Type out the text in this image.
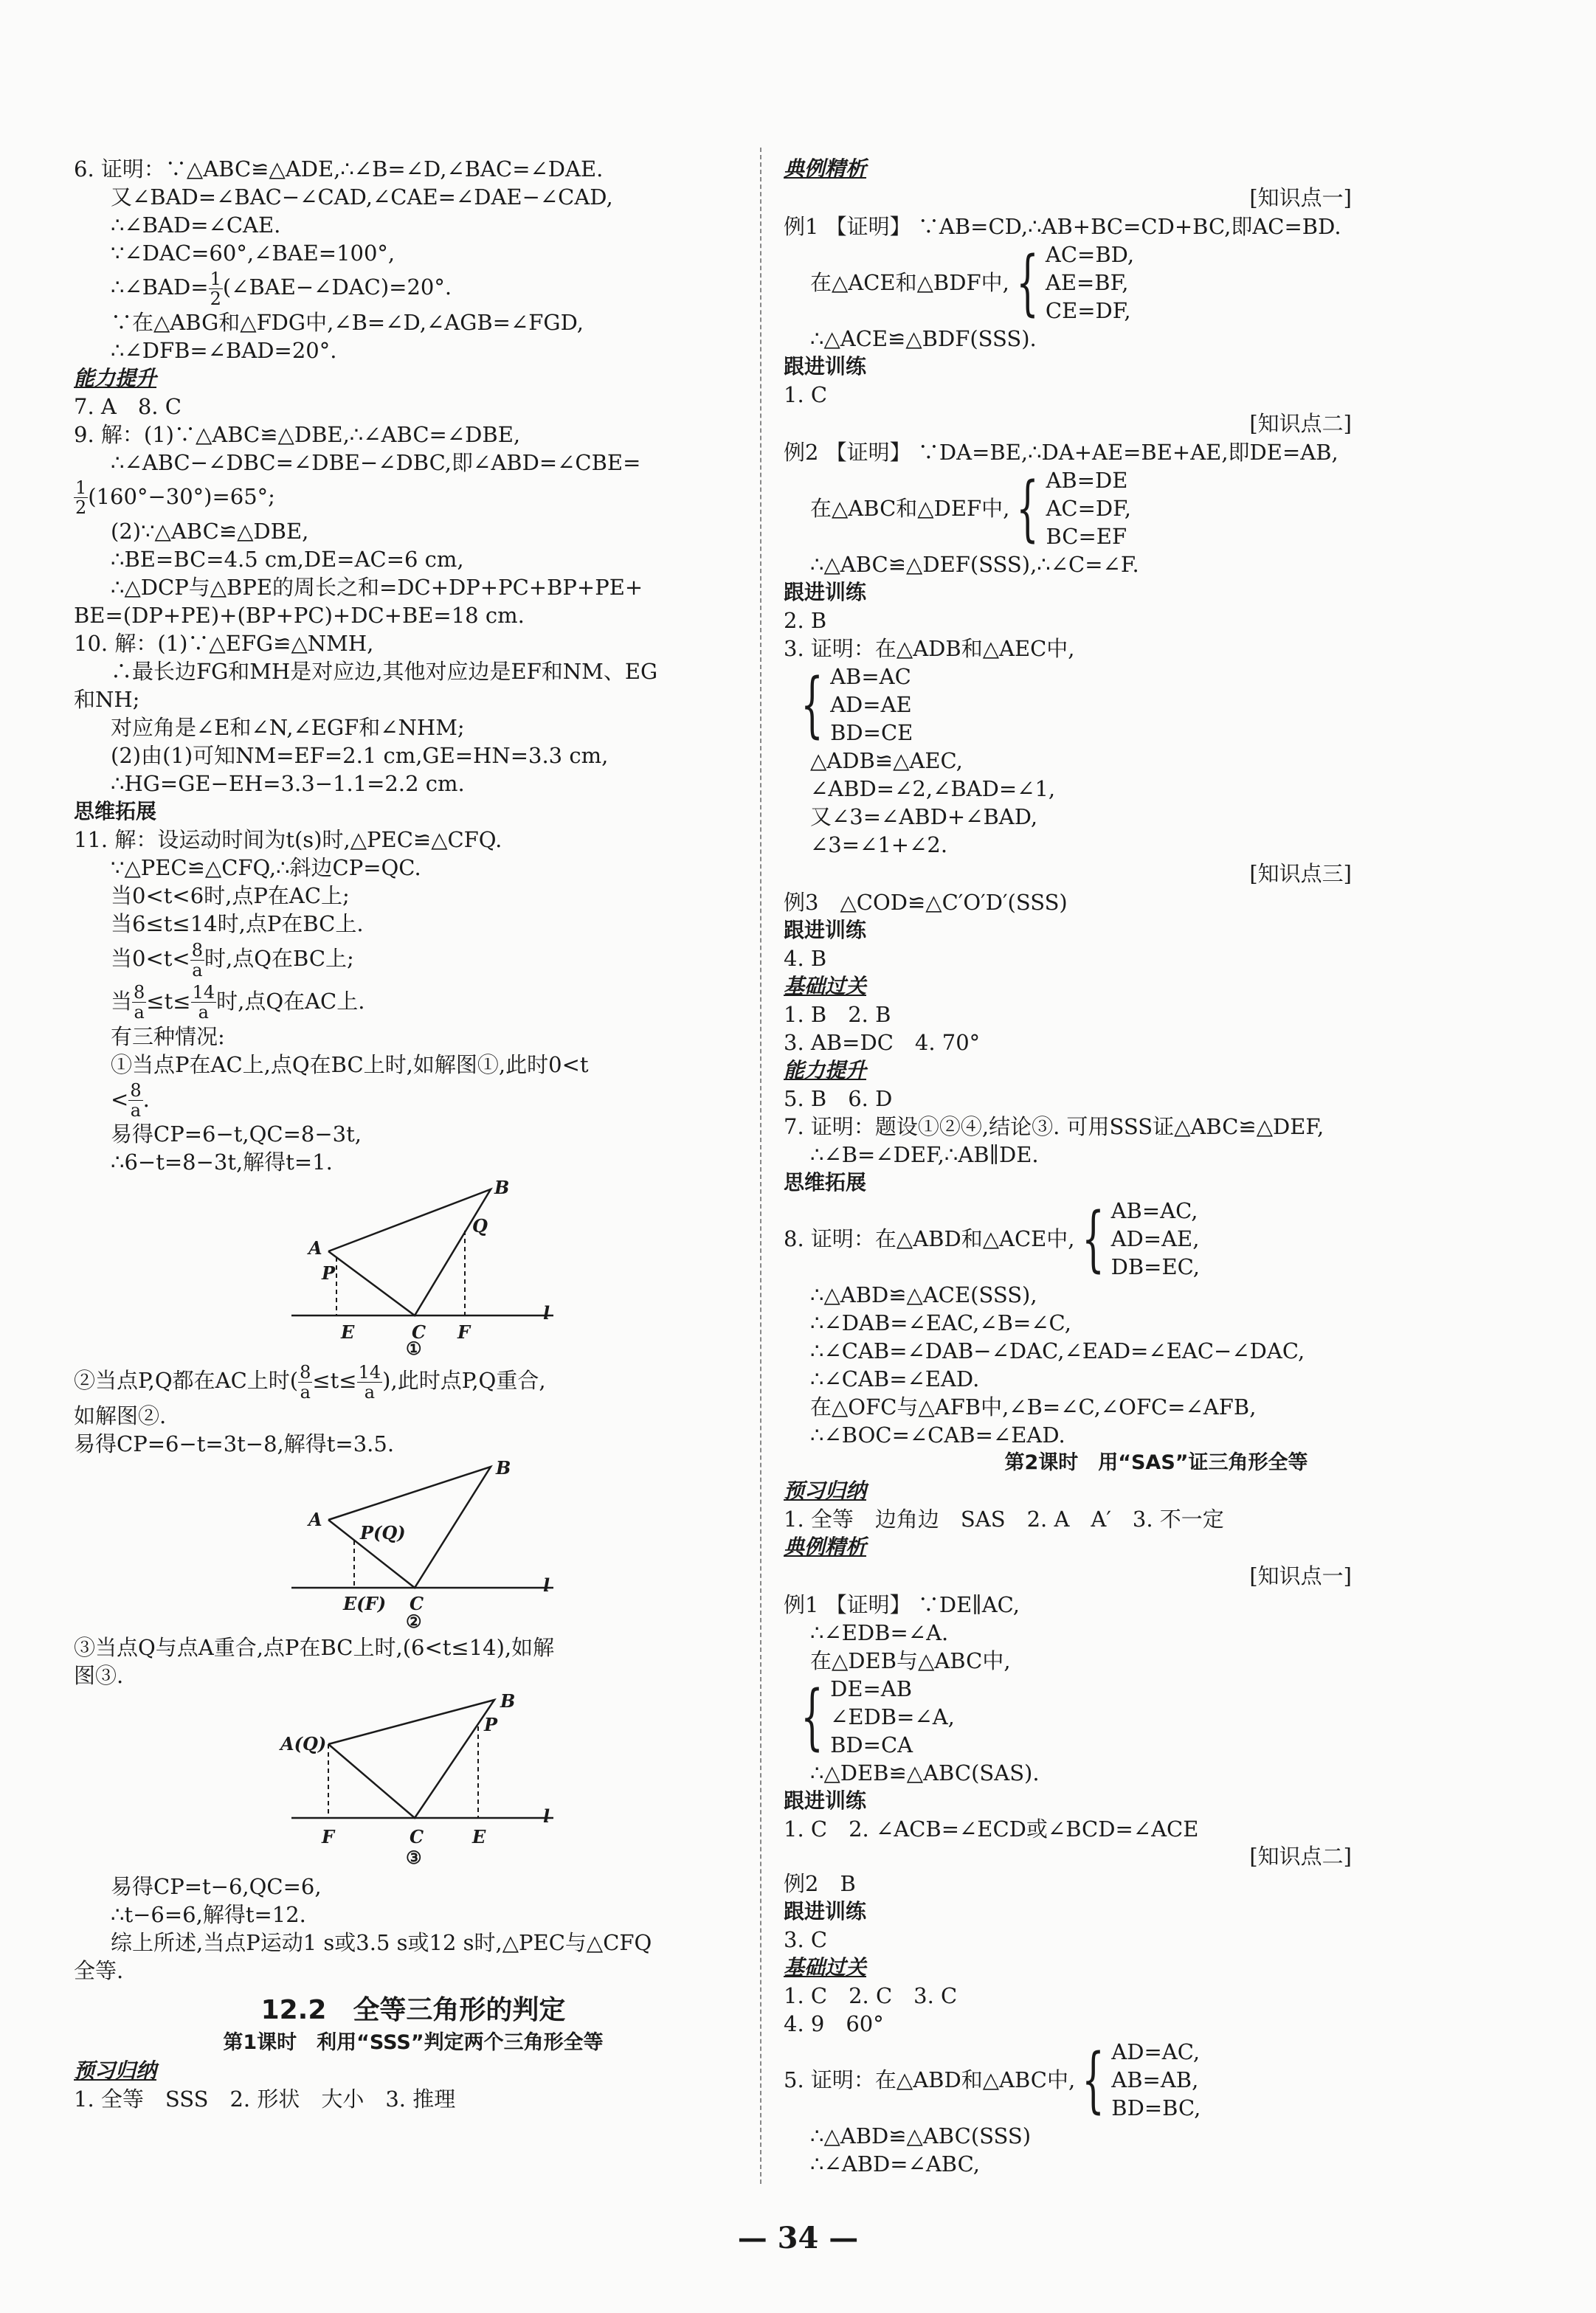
6. 证明：∵△ABC≌△ADE,∴∠B=∠D,∠BAC=∠DAE.
又∠BAD=∠BAC−∠CAD,∠CAE=∠DAE−∠CAD,
∴∠BAD=∠CAE.
∵∠DAC=60°,∠BAE=100°,
∴∠BAD= $\frac{1}{2}$ (∠BAE−∠DAC)=20°.
∵在△ABG和△FDG中,∠B=∠D,∠AGB=∠FGD,
∴∠DFB=∠BAD=20°.
能力提升
7. A　8. C
9. 解：(1)∵△ABC≌△DBE,∴∠ABC=∠DBE,
∴∠ABC−∠DBC=∠DBE−∠DBC,即∠ABD=∠CBE=
$\frac{1}{2} (160^\circ-30^\circ)=65^\circ$;
(2)∵△ABC≌△DBE,
∴BE=BC=4.5 cm,DE=AC=6 cm,
∴△DCP与△BPE的周长之和=DC+DP+PC+BP+PE+
BE=(DP+PE)+(BP+PC)+DC+BE=18 cm.
10. 解：(1)∵△EFG≌△NMH,
∴最长边FG和MH是对应边,其他对应边是EF和NM、EG
和NH;
对应角是∠E和∠N,∠EGF和∠NHM;
(2)由(1)可知NM=EF=2.1 cm,GE=HN=3.3 cm,
∴HG=GE−EH=3.3−1.1=2.2 cm.
思维拓展
11. 解：设运动时间为t(s)时,△PEC≌△CFQ.
∵△PEC≌△CFQ,∴斜边CP=QC.
当0<t<6时,点P在AC上;
当6≤t≤14时,点P在BC上.
当$0<t< \frac{8}{a}$ 时,点Q在BC上;
当 $\frac{8}{a} \le t\le \frac{14}{a}$ 时,点Q在AC上.
有三种情况:
①当点P在AC上,点Q在BC上时,如解图①,此时0<t
< $\frac{8}{a}$ .
易得CP=6−t,QC=8−3t,
∴6−t=8−3t,解得t=1.
A
B
P
Q
E	C F
l
①
②当点P,Q都在AC上时( $\frac{8}{a} \le t\le \frac{14}{a}$ ),此时点P,Q重合,
如解图②.
易得CP=6−t=3t−8,解得t=3.5.
A
B
P(Q)
E(F) C
l
②
③当点Q与点A重合,点P在BC上时,(6<t≤14),如解
图③.
A(Q)
B
P
F	C	E
l
③
易得CP=t−6,QC=6,
∴t−6=6,解得t=12.
综上所述,当点P运动1 s或3.5 s或12 s时,△PEC与△CFQ
全等.
12.2　全等三角形的判定
第1课时　利用“SSS”判定两个三角形全等
预习归纳
1. 全等　SSS　2. 形状　大小　3. 推理
典例精析
[知识点一]
例1 【证明】 ∵AB=CD,∴AB+BC=CD+BC,即AC=BD.
在△ACE和△BDF中, { AC=BD,
AE=BF,
CE=DF,
∴△ACE≌△BDF(SSS).
跟进训练
1. C
[知识点二]
例2 【证明】 ∵DA=BE,∴DA+AE=BE+AE,即DE=AB,
在△ABC和△DEF中, { AB=DE
AC=DF,
BC=EF
∴△ABC≌△DEF(SSS),∴∠C=∠F.
跟进训练
2. B
3. 证明：在△ADB和△AEC中,
{ AB=AC
AD=AE
BD=CE
△ADB≌△AEC,
∠ABD=∠2,∠BAD=∠1,
又∠3=∠ABD+∠BAD,
∠3=∠1+∠2.
[知识点三]
例3　△COD≌△C′O′D′(SSS)
跟进训练
4. B
基础过关
1. B　2. B
3. AB=DC　4. 70°
能力提升
5. B　6. D
7. 证明：题设①②④,结论③. 可用SSS证△ABC≌△DEF,
∴∠B=∠DEF,∴AB∥DE.
思维拓展
8. 证明：在△ABD和△ACE中, { AB=AC,
AD=AE,
DB=EC,
∴△ABD≌△ACE(SSS),
∴∠DAB=∠EAC,∠B=∠C,
∴∠CAB=∠DAB−∠DAC,∠EAD=∠EAC−∠DAC,
∴∠CAB=∠EAD.
在△OFC与△AFB中,∠B=∠C,∠OFC=∠AFB,
∴∠BOC=∠CAB=∠EAD.
第2课时　用“SAS”证三角形全等
预习归纳
1. 全等　边角边　SAS　2. A　A′　3. 不一定
典例精析
[知识点一]
例1 【证明】 ∵DE∥AC,
∴∠EDB=∠A.
在△DEB与△ABC中,
{ DE=AB
∠EDB=∠A,
BD=CA
∴△DEB≌△ABC(SAS).
跟进训练
1. C　2. ∠ACB=∠ECD或∠BCD=∠ACE
[知识点二]
例2　B
跟进训练
3. C
基础过关
1. C　2. C　3. C
4. 9　60°
5. 证明：在△ABD和△ABC中, { AD=AC,
AB=AB,
BD=BC,
∴△ABD≌△ABC(SSS)
∴∠ABD=∠ABC,
— 34 —
